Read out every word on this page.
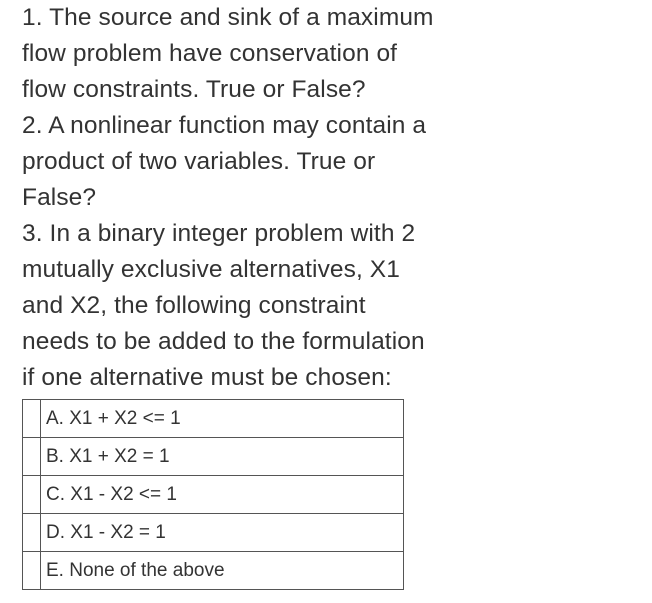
1. The source and sink of a maximum
flow problem have conservation of
flow constraints. True or False?
2. A nonlinear function may contain a
product of two variables. True or
False?
3. In a binary integer problem with 2
mutually exclusive alternatives, X1
and X2, the following constraint
needs to be added to the formulation
if one alternative must be chosen:
	A. X1 + X2 <= 1
	B. X1 + X2 = 1
	C. X1 - X2 <= 1
	D. X1 - X2 = 1
	E. None of the above
